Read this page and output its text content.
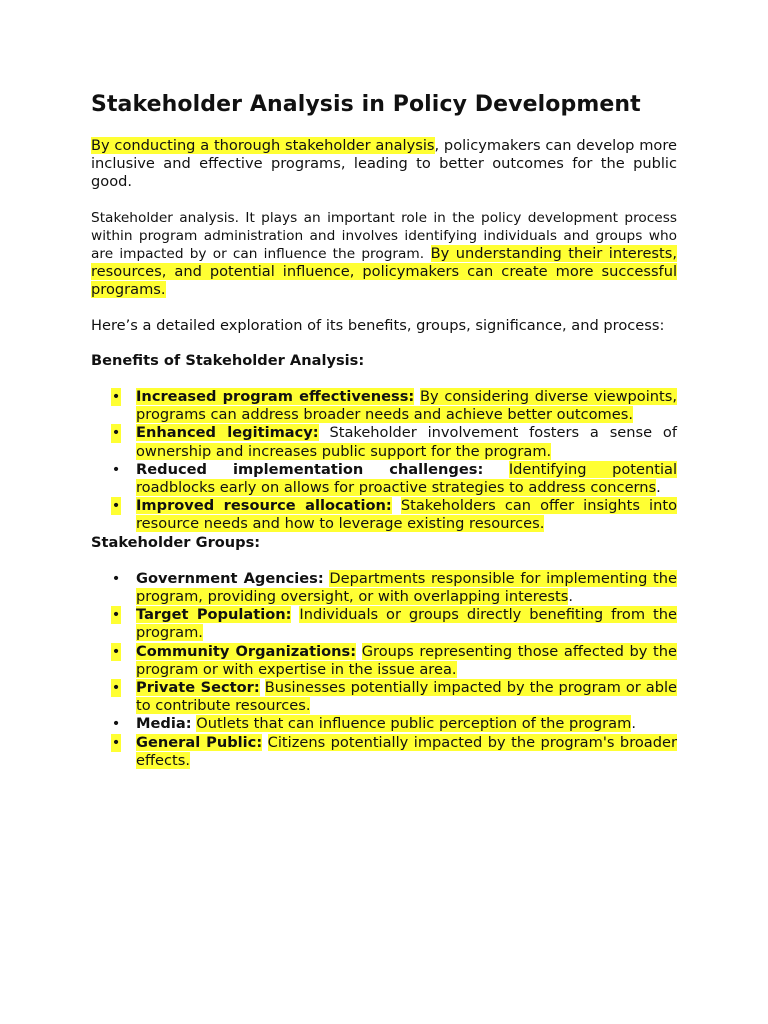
Stakeholder Analysis in Policy Development

By conducting a thorough stakeholder analysis, policymakers can develop more inclusive and effective programs, leading to better outcomes for the public good.

Stakeholder analysis. It plays an important role in the policy development process within program administration and involves identifying individuals and groups who are impacted by or can influence the program. By understanding their interests, resources, and potential influence, policymakers can create more successful programs.

Here’s a detailed exploration of its benefits, groups, significance, and process:

Benefits of Stakeholder Analysis:

• Increased program effectiveness: By considering diverse viewpoints, programs can address broader needs and achieve better outcomes.
• Enhanced legitimacy: Stakeholder involvement fosters a sense of ownership and increases public support for the program.
• Reduced implementation challenges: Identifying potential roadblocks early on allows for proactive strategies to address concerns.
• Improved resource allocation: Stakeholders can offer insights into resource needs and how to leverage existing resources.

Stakeholder Groups:

• Government Agencies: Departments responsible for implementing the program, providing oversight, or with overlapping interests.
• Target Population: Individuals or groups directly benefiting from the program.
• Community Organizations: Groups representing those affected by the program or with expertise in the issue area.
• Private Sector: Businesses potentially impacted by the program or able to contribute resources.
• Media: Outlets that can influence public perception of the program.
• General Public: Citizens potentially impacted by the program's broader effects.
